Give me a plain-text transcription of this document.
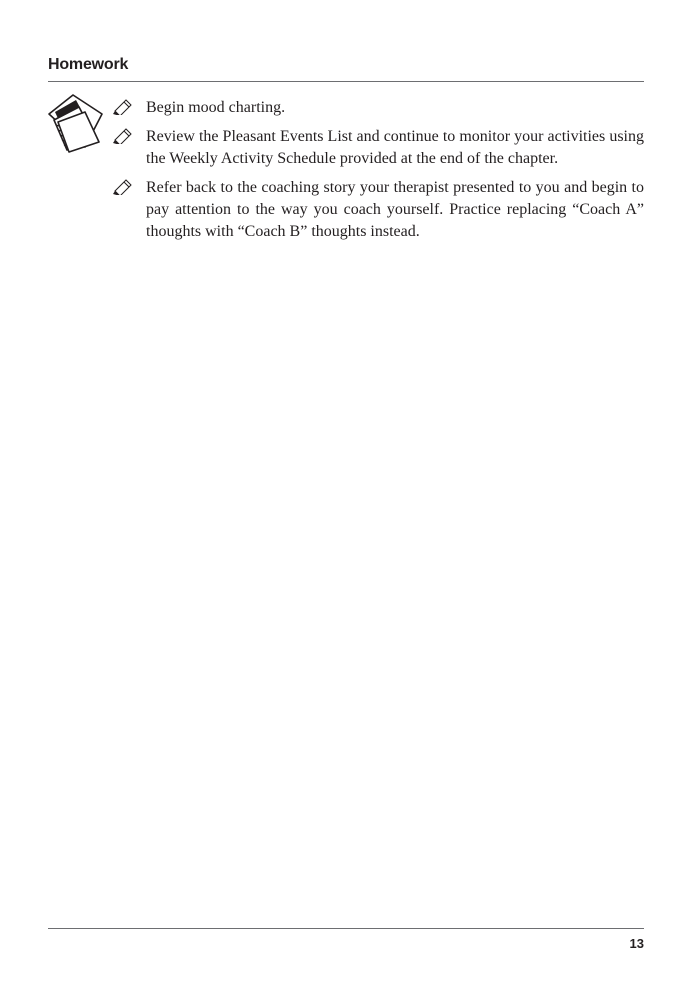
Homework
Begin mood charting.
Review the Pleasant Events List and continue to monitor your activities using the Weekly Activity Schedule provided at the end of the chapter.
Refer back to the coaching story your therapist presented to you and begin to pay attention to the way you coach yourself. Practice replacing “Coach A” thoughts with “Coach B” thoughts instead.
13
